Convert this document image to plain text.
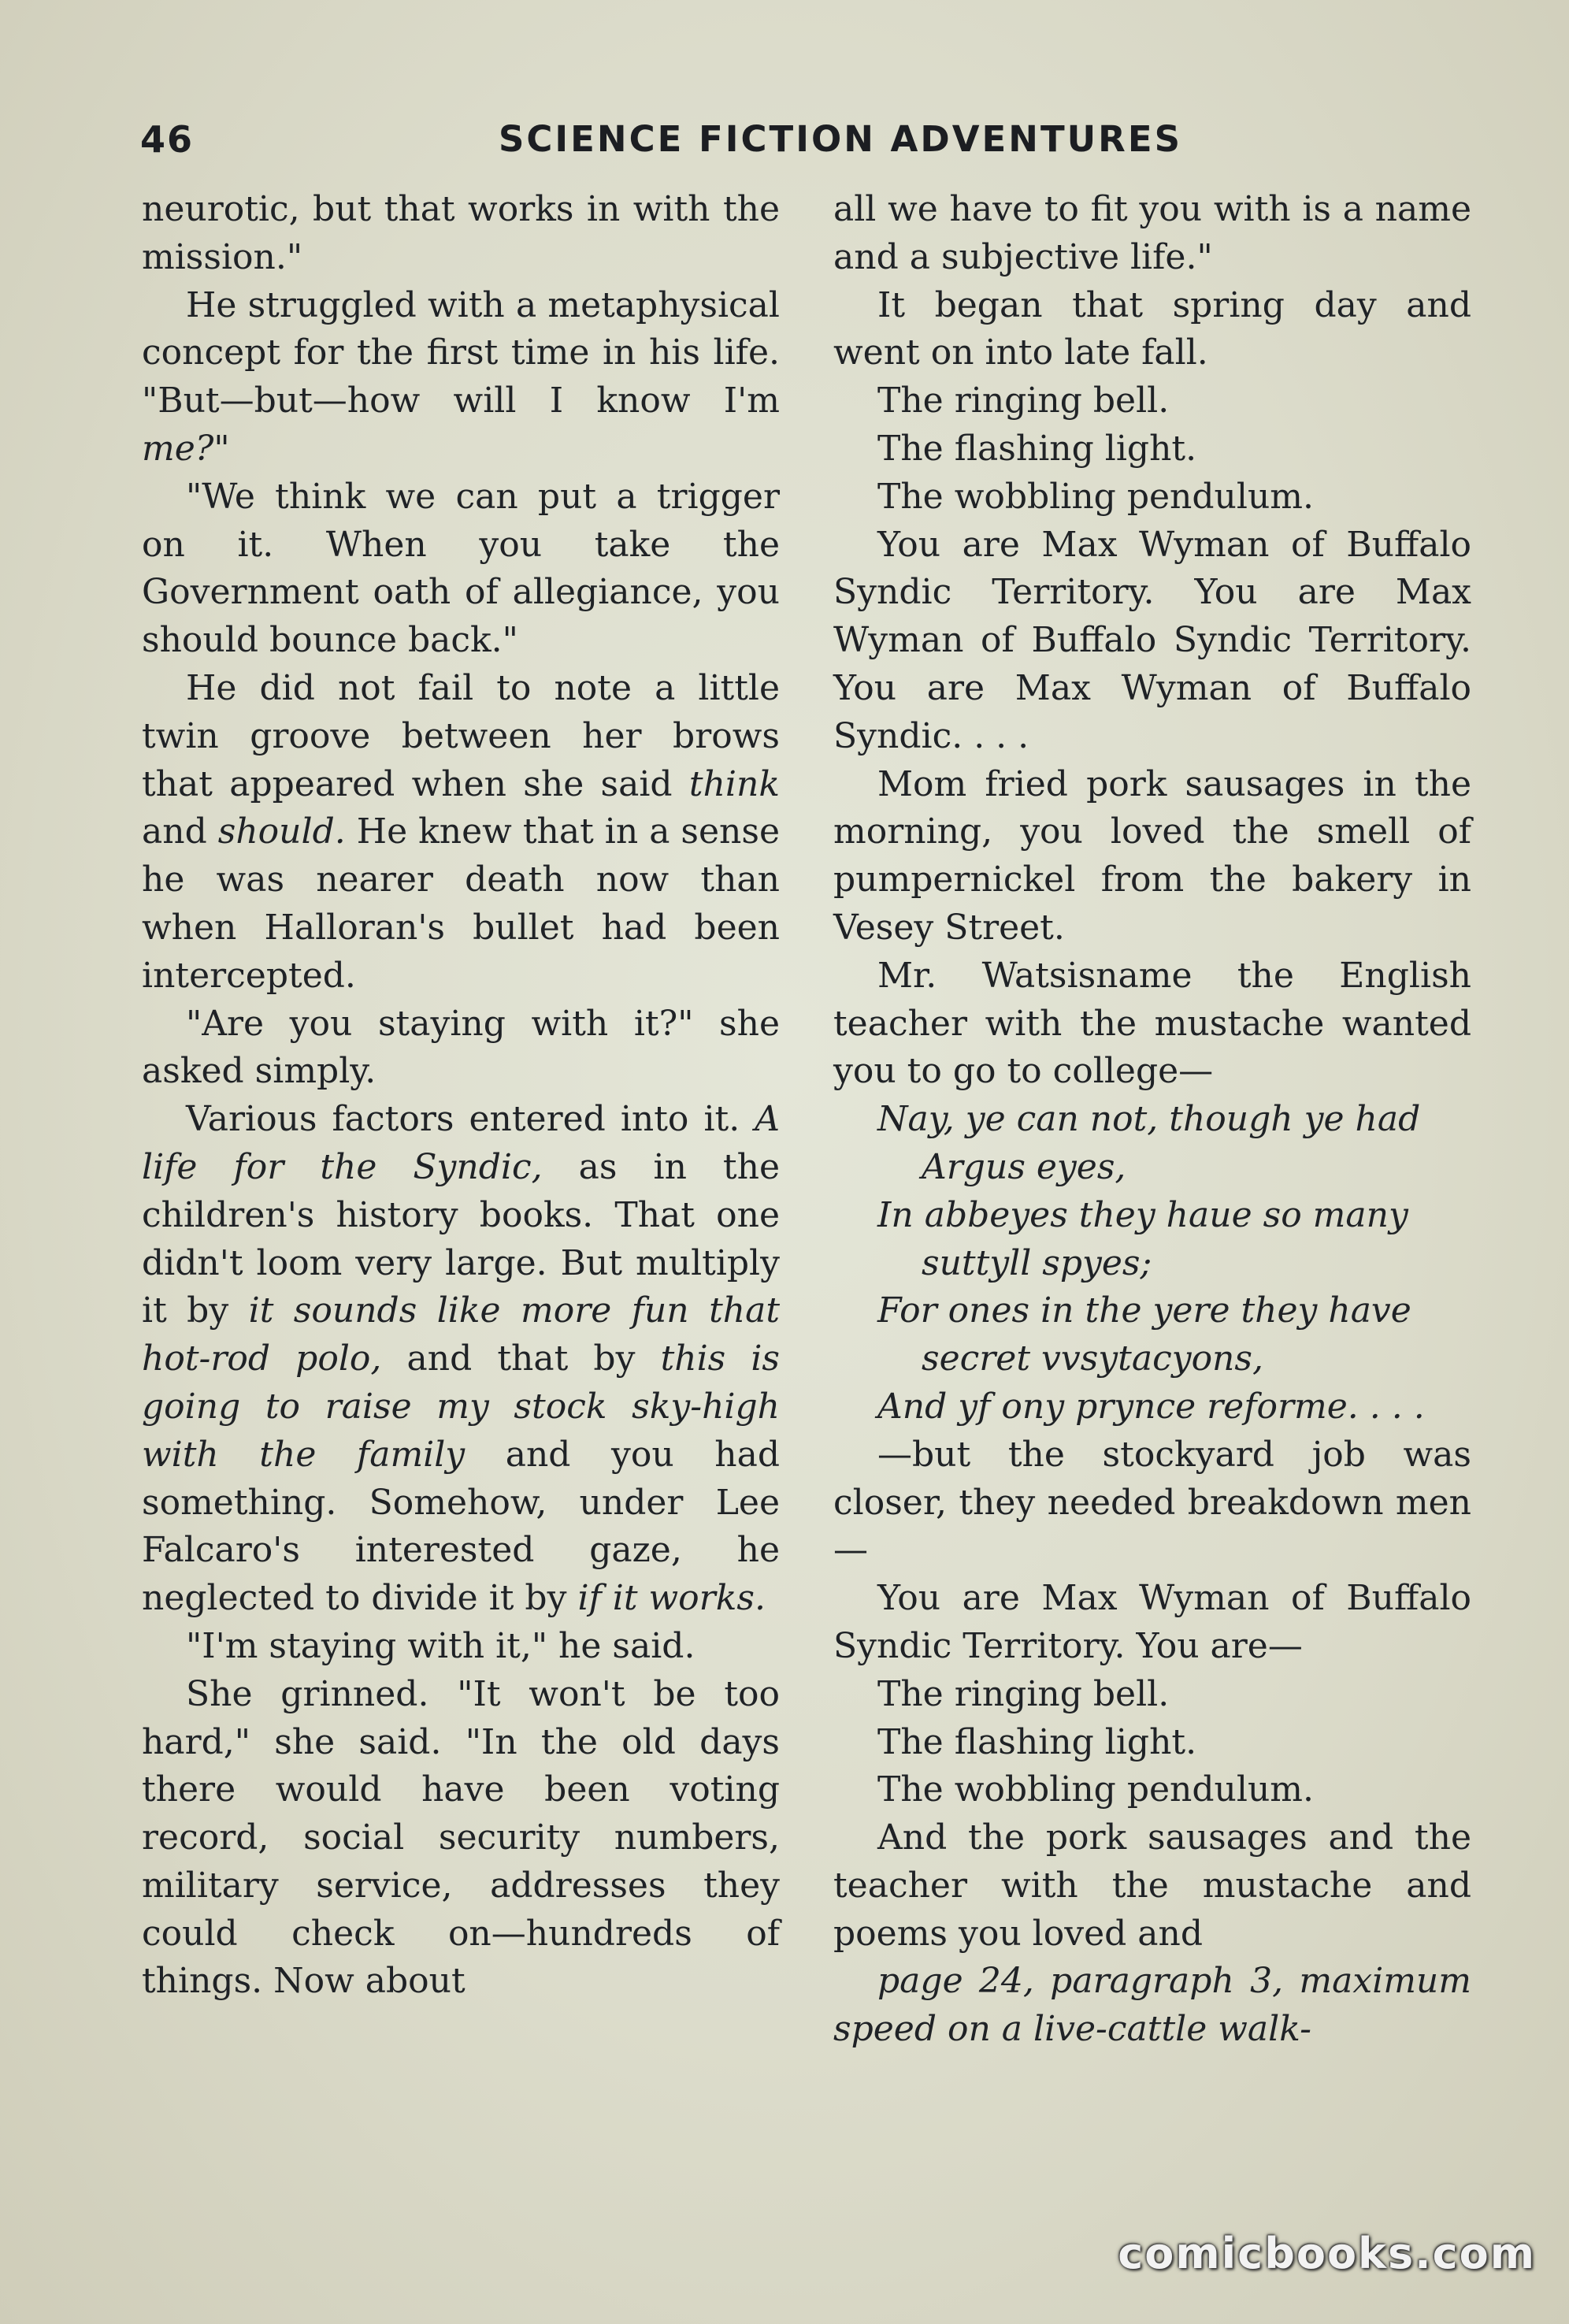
46	SCIENCE FICTION ADVENTURES

neurotic, but that works in with the mission."

He struggled with a metaphysical concept for the first time in his life. "But—but—how will I know I'm me?"

"We think we can put a trigger on it. When you take the Government oath of allegiance, you should bounce back."

He did not fail to note a little twin groove between her brows that appeared when she said think and should. He knew that in a sense he was nearer death now than when Halloran's bullet had been intercepted.

"Are you staying with it?" she asked simply.

Various factors entered into it. A life for the Syndic, as in the children's history books. That one didn't loom very large. But multiply it by it sounds like more fun that hot-rod polo, and that by this is going to raise my stock sky-high with the family and you had something. Somehow, under Lee Falcaro's interested gaze, he neglected to divide it by if it works.

"I'm staying with it," he said.

She grinned. "It won't be too hard," she said. "In the old days there would have been voting record, social security numbers, military service, addresses they could check on—hundreds of things. Now about

all we have to fit you with is a name and a subjective life."

It began that spring day and went on into late fall.

The ringing bell.

The flashing light.

The wobbling pendulum.

You are Max Wyman of Buffalo Syndic Territory. You are Max Wyman of Buffalo Syndic Territory. You are Max Wyman of Buffalo Syndic. . . .

Mom fried pork sausages in the morning, you loved the smell of pumpernickel from the bakery in Vesey Street.

Mr. Watsisname the English teacher with the mustache wanted you to go to college—

Nay, ye can not, though ye had Argus eyes,

In abbeyes they haue so many suttyll spyes;

For ones in the yere they have secret vvsytacyons,

And yf ony prynce reforme. . . .

—but the stockyard job was closer, they needed breakdown men—

You are Max Wyman of Buffalo Syndic Territory. You are—

The ringing bell.

The flashing light.

The wobbling pendulum.

And the pork sausages and the teacher with the mustache and poems you loved and

page 24, paragraph 3, maximum speed on a live-cattle walk-

comicbooks.com
